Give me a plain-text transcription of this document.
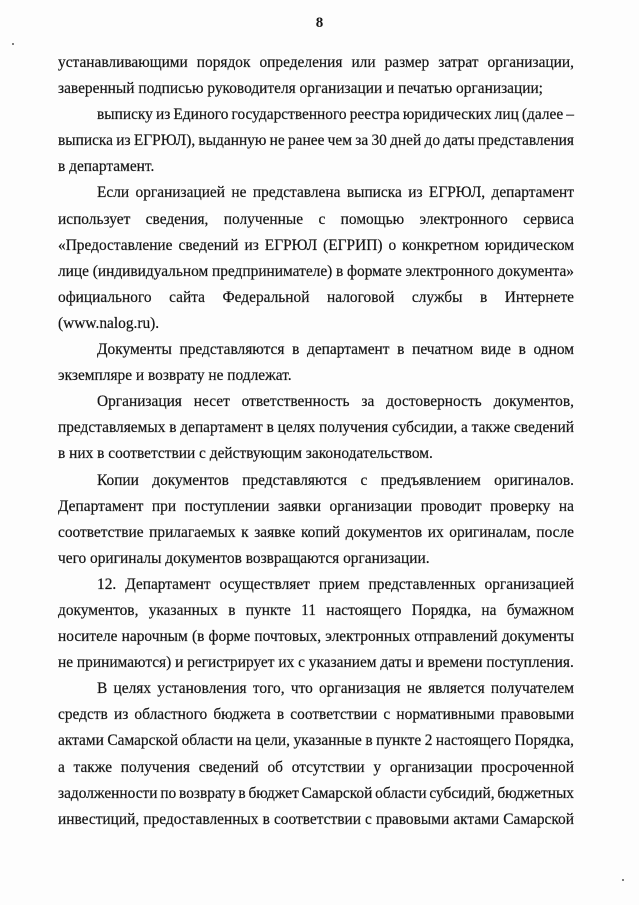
8
устанавливающими порядок определения или размер затрат организации,
заверенный подписью руководителя организации и печатью организации;
выписку из Единого государственного реестра юридических лиц (далее –
выписка из ЕГРЮЛ), выданную не ранее чем за 30 дней до даты представления
в департамент.
Если организацией не представлена выписка из ЕГРЮЛ, департамент
использует сведения, полученные с помощью электронного сервиса
«Предоставление сведений из ЕГРЮЛ (ЕГРИП) о конкретном юридическом
лице (индивидуальном предпринимателе) в формате электронного документа»
официального сайта Федеральной налоговой службы в Интернете
(www.nalog.ru).
Документы представляются в департамент в печатном виде в одном
экземпляре и возврату не подлежат.
Организация несет ответственность за достоверность документов,
представляемых в департамент в целях получения субсидии, а также сведений
в них в соответствии с действующим законодательством.
Копии документов представляются с предъявлением оригиналов.
Департамент при поступлении заявки организации проводит проверку на
соответствие прилагаемых к заявке копий документов их оригиналам, после
чего оригиналы документов возвращаются организации.
12. Департамент осуществляет прием представленных организацией
документов, указанных в пункте 11 настоящего Порядка, на бумажном
носителе нарочным (в форме почтовых, электронных отправлений документы
не принимаются) и регистрирует их с указанием даты и времени поступления.
В целях установления того, что организация не является получателем
средств из областного бюджета в соответствии с нормативными правовыми
актами Самарской области на цели, указанные в пункте 2 настоящего Порядка,
а также получения сведений об отсутствии у организации просроченной
задолженности по возврату в бюджет Самарской области субсидий, бюджетных
инвестиций, предоставленных в соответствии с правовыми актами Самарской
